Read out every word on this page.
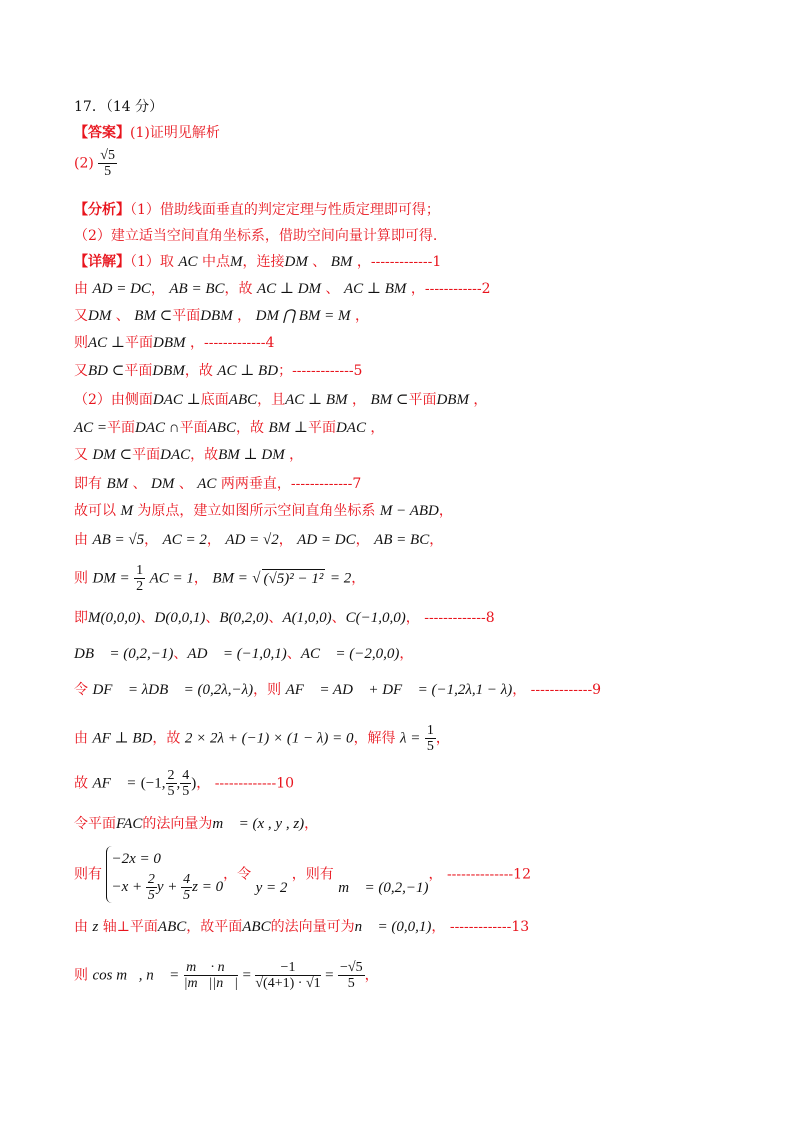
17．（14 分）
【答案】(1)证明见解析
$(2) \frac{√5}{5}$
【分析】（1）借助线面垂直的判定定理与性质定理即可得；
（2）建立适当空间直角坐标系，借助空间向量计算即可得.
【详解】（1）取 AC 中点M，连接DM 、 BM ，-------------1
由 AD = DC， AB = BC，故 AC ⊥ DM 、 AC ⊥ BM ，------------2
又DM 、 BM ⊂平面DBM ， DM ⋂ BM = M ，
则AC ⊥平面DBM ，-------------4
又BD ⊂平面DBM，故 AC ⊥ BD；-------------5
（2）由侧面DAC ⊥底面ABC，且AC ⊥ BM ， BM ⊂平面DBM ，
AC =平面DAC ∩平面ABC，故 BM ⊥平面DAC ，
又 DM ⊂平面DAC，故BM ⊥ DM ，
即有 BM 、 DM 、 AC 两两垂直，-------------7
故可以 M 为原点，建立如图所示空间直角坐标系 M − ABD，
由 AB = √5， AC = 2， AD = √2， AD = DC， AB = BC，
则 DM = $\frac{1}{2}$ AC = 1， BM = √ (√5)² − 1² = 2，
即M(0,0,0)、D(0,0,1)、B(0,2,0)、A(1,0,0)、C(−1,0,0)， -------------8
DB⃗ = (0,2,−1)、AD⃗ = (−1,0,1)、AC⃗ = (−2,0,0)，
令 DF⃗ = λDB⃗ = (0,2λ,−λ)，则 AF⃗ = AD⃗ + DF⃗ = (−1,2λ,1 − λ)， -------------9
由 AF ⊥ BD，故 2 × 2λ + (−1) × (1 − λ) = 0，解得 $\lambda = \frac{1}{5}$ ，
故 AF⃗ = (−1, $\frac{2}{5}$ , $\frac{4}{5}$ )， -------------10
令平面FAC的法向量为m⃗ = (x , y , z)，
则有
−2x = 0
$-x + \frac{2}{5}$ $y + \frac{4}{5}$ z = 0
，令

y = 2
，则有

m⃗ = (0,2,−1)
， --------------12
由 z 轴⊥平面ABC，故平面ABC的法向量可为n⃗ = (0,0,1)， -------------13
则 cos m⃗, n⃗ = $\frac{m⃗ \cdot n⃗}{|m⃗||n⃗|} = \frac{-1}{√(4+1) \cdot √1} = \frac{-√5}{5}$ ，
